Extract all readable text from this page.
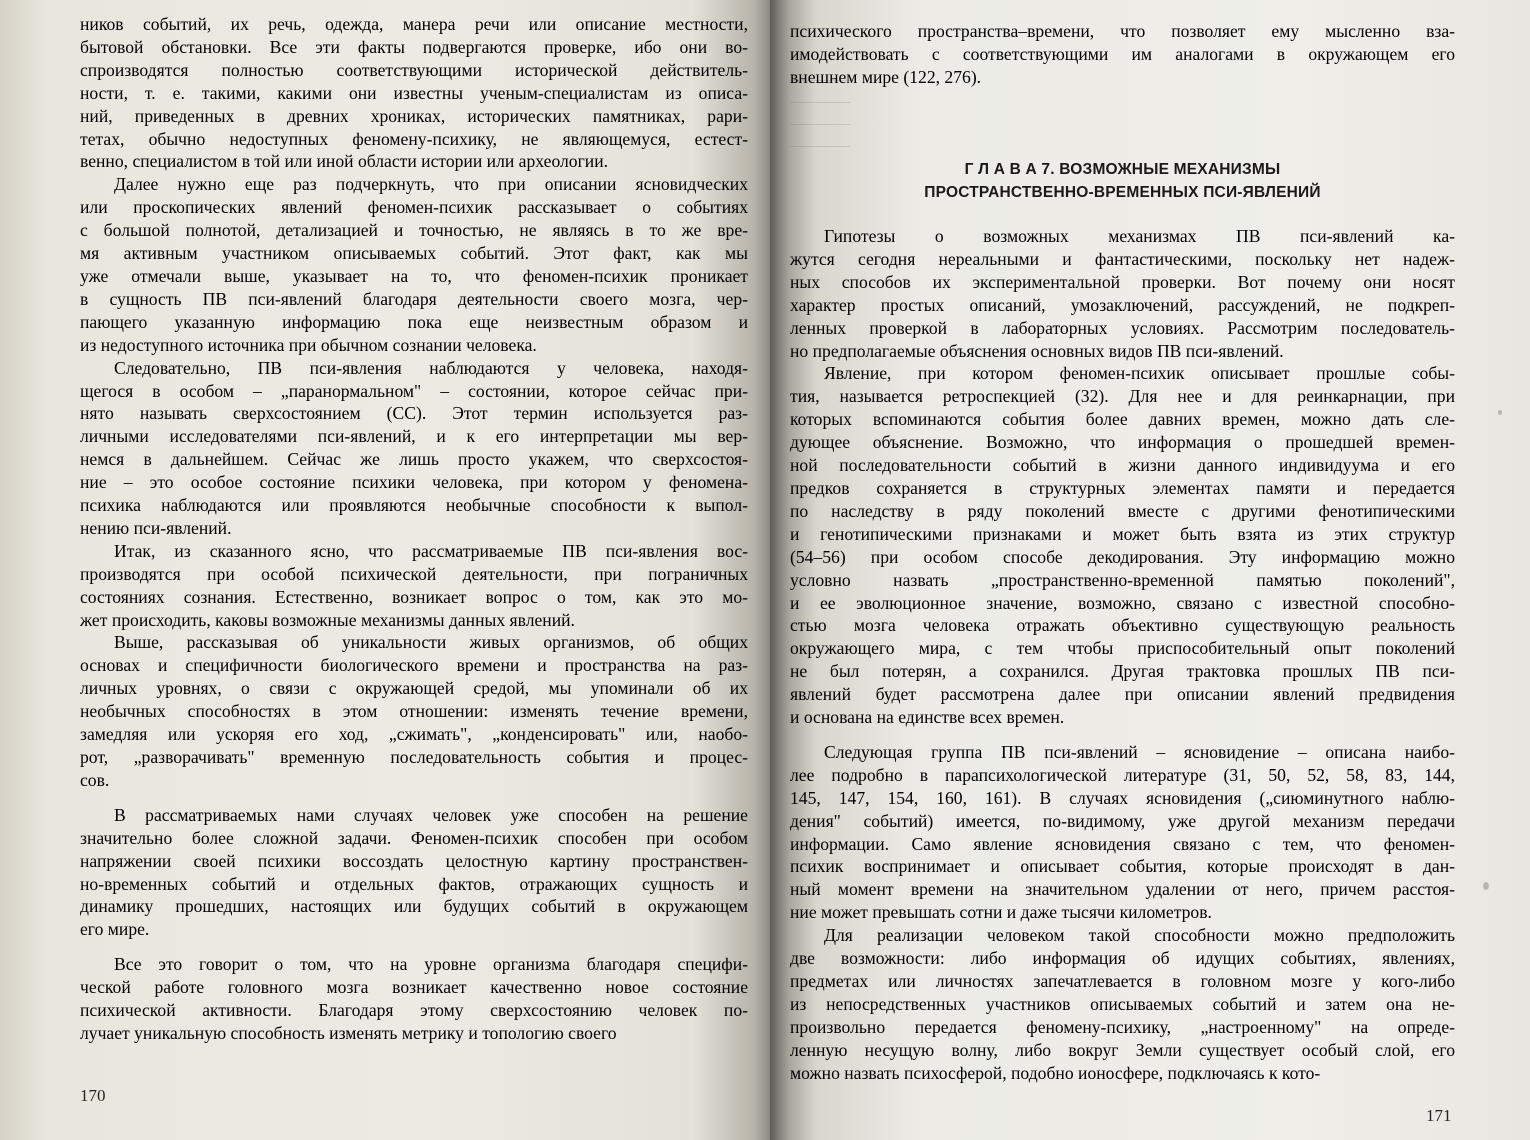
ников событий, их речь, одежда, манера речи или описание местности,
бытовой обстановки. Все эти факты подвергаются проверке, ибо они во-
спроизводятся полностью соответствующими исторической действитель-
ности, т. е. такими, какими они известны ученым-специалистам из описа-
ний, приведенных в древних хрониках, исторических памятниках, рари-
тетах, обычно недоступных феномену-психику, не являющемуся, естест-
венно, специалистом в той или иной области истории или археологии.
Далее нужно еще раз подчеркнуть, что при описании ясновидческих
или проскопических явлений феномен-психик рассказывает о событиях
с большой полнотой, детализацией и точностью, не являясь в то же вре-
мя активным участником описываемых событий. Этот факт, как мы
уже отмечали выше, указывает на то, что феномен-психик проникает
в сущность ПВ пси-явлений благодаря деятельности своего мозга, чер-
пающего указанную информацию пока еще неизвестным образом и
из недоступного источника при обычном сознании человека.
Следовательно, ПВ пси-явления наблюдаются у человека, находя-
щегося в особом – „паранормальном" – состоянии, которое сейчас при-
нято называть сверхсостоянием (СС). Этот термин используется раз-
личными исследователями пси-явлений, и к его интерпретации мы вер-
немся в дальнейшем. Сейчас же лишь просто укажем, что сверхсостоя-
ние – это особое состояние психики человека, при котором у феномена-
психика наблюдаются или проявляются необычные способности к выпол-
нению пси-явлений.
Итак, из сказанного ясно, что рассматриваемые ПВ пси-явления вос-
производятся при особой психической деятельности, при пограничных
состояниях сознания. Естественно, возникает вопрос о том, как это мо-
жет происходить, каковы возможные механизмы данных явлений.
Выше, рассказывая об уникальности живых организмов, об общих
основах и специфичности биологического времени и пространства на раз-
личных уровнях, о связи с окружающей средой, мы упоминали об их
необычных способностях в этом отношении: изменять течение времени,
замедляя или ускоряя его ход, „сжимать", „конденсировать" или, наобо-
рот, „разворачивать" временную последовательность события и процес-
сов.
В рассматриваемых нами случаях человек уже способен на решение
значительно более сложной задачи. Феномен-психик способен при особом
напряжении своей психики воссоздать целостную картину пространствен-
но-временных событий и отдельных фактов, отражающих сущность и
динамику прошедших, настоящих или будущих событий в окружающем
его мире.
Все это говорит о том, что на уровне организма благодаря специфи-
ческой работе головного мозга возникает качественно новое состояние
психической активности. Благодаря этому сверхсостоянию человек по-
лучает уникальную способность изменять метрику и топологию своего
170
психического пространства–времени, что позволяет ему мысленно вза-
имодействовать с соответствующими им аналогами в окружающем его
внешнем мире (122, 276).
Г Л А В А 7. ВОЗМОЖНЫЕ МЕХАНИЗМЫ
ПРОСТРАНСТВЕННО-ВРЕМЕННЫХ ПСИ-ЯВЛЕНИЙ
Гипотезы о возможных механизмах ПВ пси-явлений ка-
жутся сегодня нереальными и фантастическими, поскольку нет надеж-
ных способов их экспериментальной проверки. Вот почему они носят
характер простых описаний, умозаключений, рассуждений, не подкреп-
ленных проверкой в лабораторных условиях. Рассмотрим последователь-
но предполагаемые объяснения основных видов ПВ пси-явлений.
Явление, при котором феномен-психик описывает прошлые собы-
тия, называется ретроспекцией (32). Для нее и для реинкарнации, при
которых вспоминаются события более давних времен, можно дать сле-
дующее объяснение. Возможно, что информация о прошедшей времен-
ной последовательности событий в жизни данного индивидуума и его
предков сохраняется в структурных элементах памяти и передается
по наследству в ряду поколений вместе с другими фенотипическими
и генотипическими признаками и может быть взята из этих структур
(54–56) при особом способе декодирования. Эту информацию можно
условно назвать „пространственно-временной памятью поколений",
и ее эволюционное значение, возможно, связано с известной способно-
стью мозга человека отражать объективно существующую реальность
окружающего мира, с тем чтобы приспособительный опыт поколений
не был потерян, а сохранился. Другая трактовка прошлых ПВ пси-
явлений будет рассмотрена далее при описании явлений предвидения
и основана на единстве всех времен.
Следующая группа ПВ пси-явлений – ясновидение – описана наибо-
лее подробно в парапсихологической литературе (31, 50, 52, 58, 83, 144,
145, 147, 154, 160, 161). В случаях ясновидения („сиюминутного наблю-
дения" событий) имеется, по-видимому, уже другой механизм передачи
информации. Само явление ясновидения связано с тем, что феномен-
психик воспринимает и описывает события, которые происходят в дан-
ный момент времени на значительном удалении от него, причем расстоя-
ние может превышать сотни и даже тысячи километров.
Для реализации человеком такой способности можно предположить
две возможности: либо информация об идущих событиях, явлениях,
предметах или личностях запечатлевается в головном мозге у кого-либо
из непосредственных участников описываемых событий и затем она не-
произвольно передается феномену-психику, „настроенному" на опреде-
ленную несущую волну, либо вокруг Земли существует особый слой, его
можно назвать психосферой, подобно ионосфере, подключаясь к кото-
171
